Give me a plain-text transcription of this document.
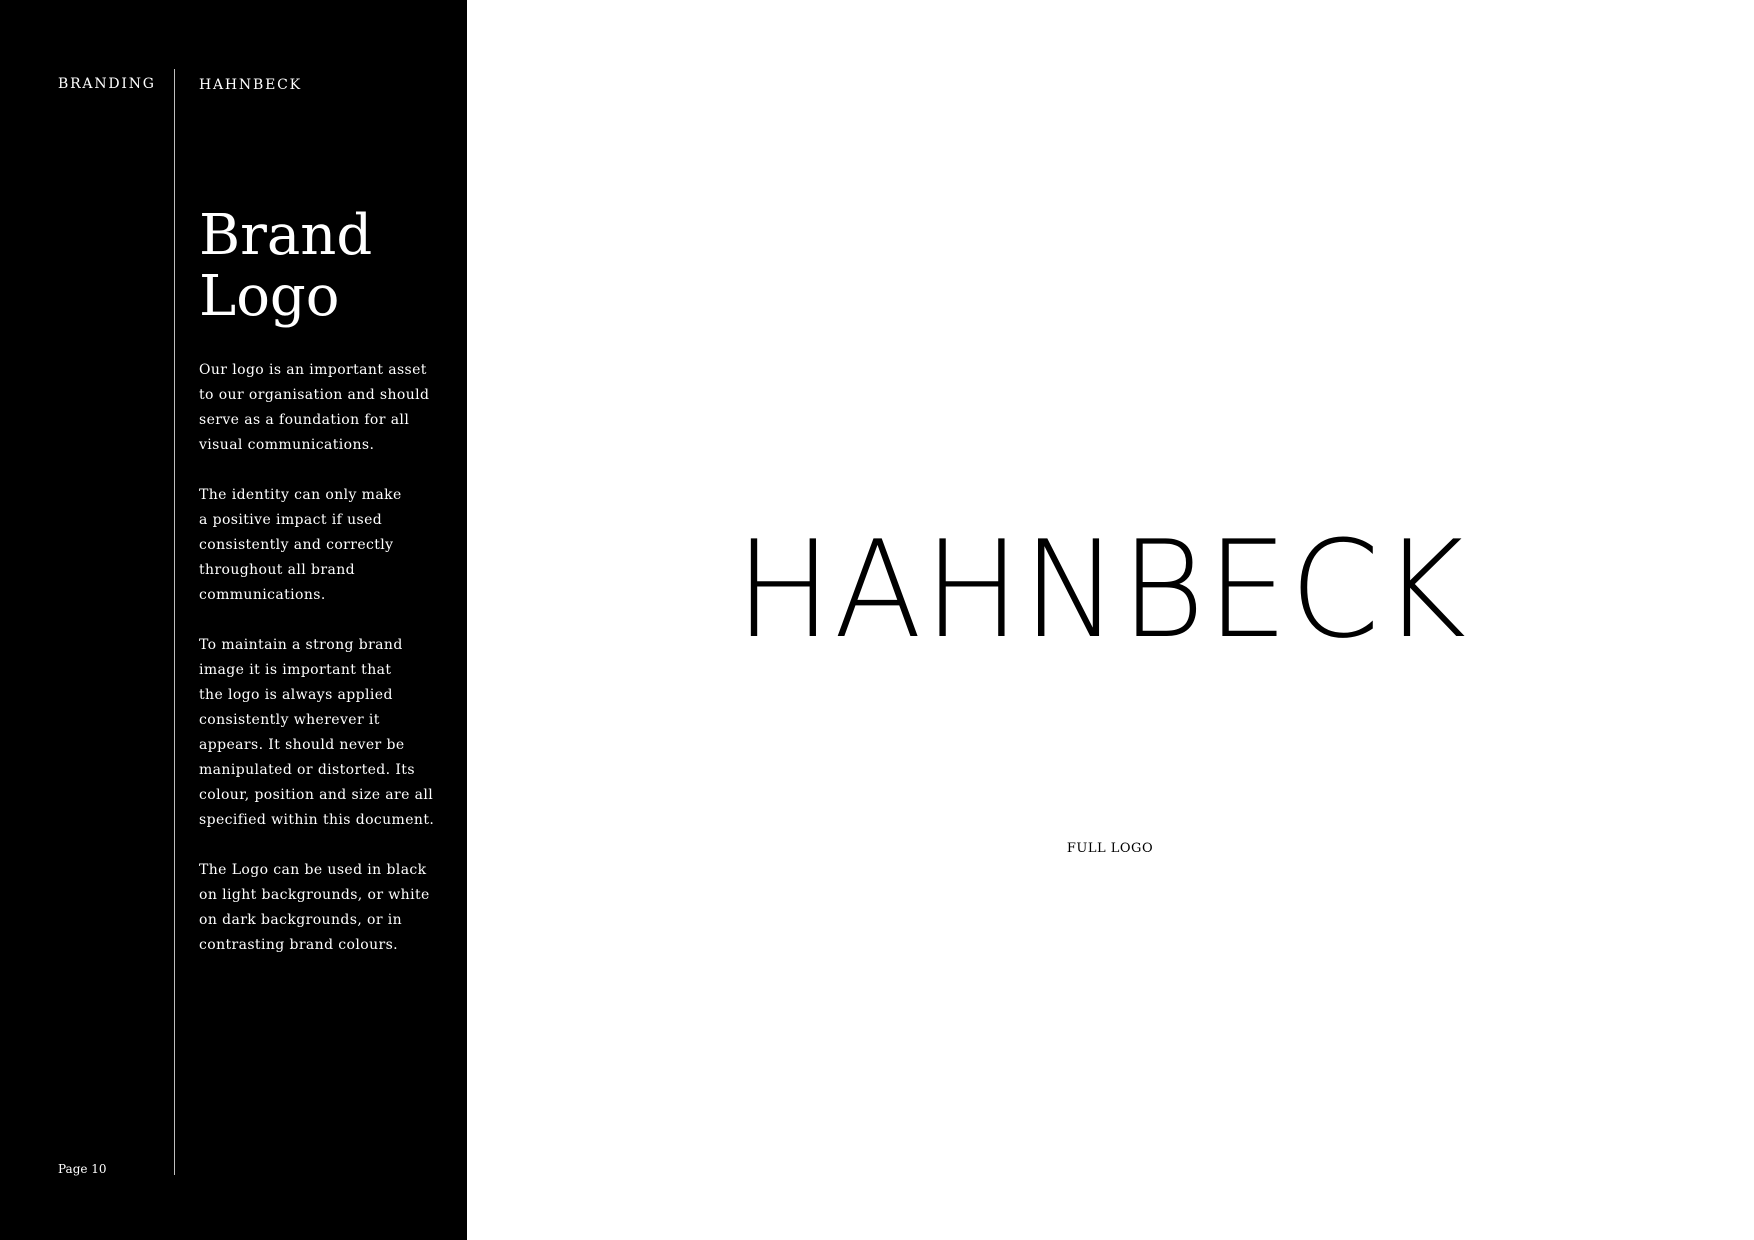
BRANDING	HAHNBECK
Brand
Logo

Our logo is an important asset
to our organisation and should
serve as a foundation for all
visual communications.

The identity can only make
a positive impact if used
consistently and correctly
throughout all brand
communications.

To maintain a strong brand
image it is important that
the logo is always applied
consistently wherever it
appears. It should never be
manipulated or distorted. Its
colour, position and size are all
specified within this document.

The Logo can be used in black
on light backgrounds, or white
on dark backgrounds, or in
contrasting brand colours.

Page 10
HAHNBECK
FULL LOGO
